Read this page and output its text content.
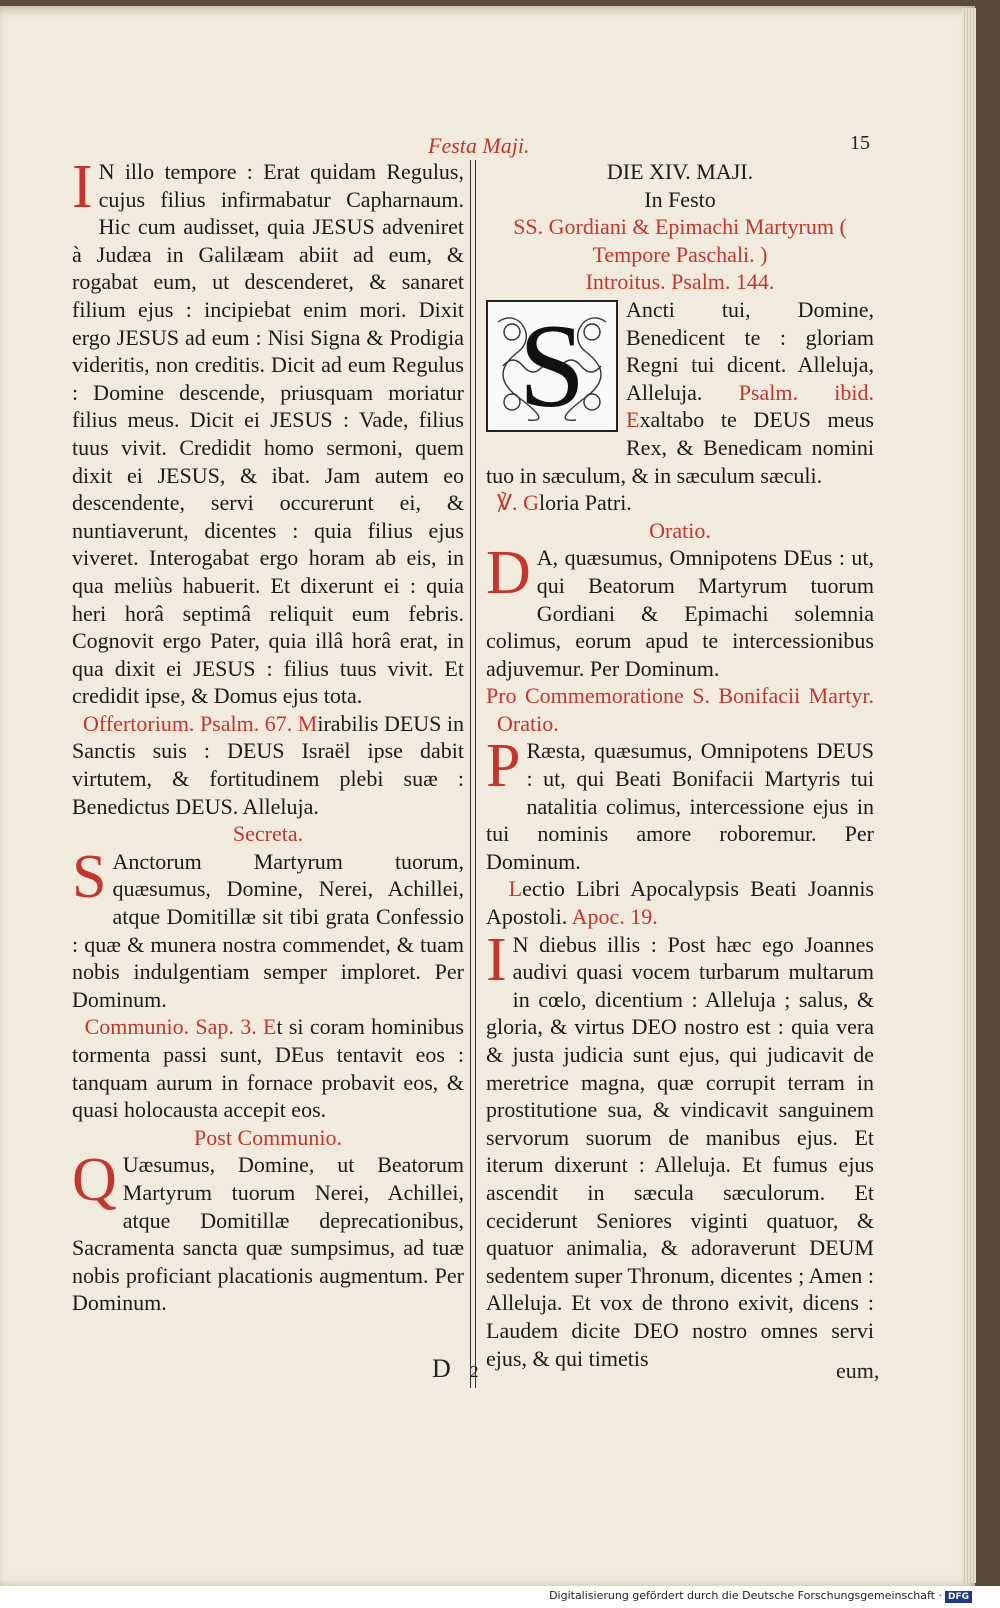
Festa Maji.	15

I N illo tempore : Erat quidam Regulus, cujus filius infirmabatur Capharnaum. Hic cum audisset, quia JESUS adveniret à Judæa in Galilæam abiit ad eum, & rogabat eum, ut descenderet, & sanaret filium ejus : incipiebat enim mori. Dixit ergo JESUS ad eum : Nisi Signa & Prodigia videritis, non creditis. Dicit ad eum Regulus : Domine descende, priusquam moriatur filius meus. Dicit ei JESUS : Vade, filius tuus vivit. Credidit homo sermoni, quem dixit ei JESUS, & ibat. Jam autem eo descendente, servi occurerunt ei, & nuntiaverunt, dicentes : quia filius ejus viveret. Interogabat ergo horam ab eis, in qua meliùs habuerit. Et dixerunt ei : quia heri horâ septimâ reliquit eum febris. Cognovit ergo Pater, quia illâ horâ erat, in qua dixit ei JESUS : filius tuus vivit. Et credidit ipse, & Domus ejus tota.

Offertorium. Psalm. 67. Mirabilis DEUS in Sanctis suis : DEUS Israël ipse dabit virtutem, & fortitudinem plebi suæ : Benedictus DEUS. Alleluja.

Secreta.

S Anctorum Martyrum tuorum, quæsumus, Domine, Nerei, Achillei, atque Domitillæ sit tibi grata Confessio : quæ & munera nostra commendet, & tuam nobis indulgentiam semper imploret. Per Dominum.

Communio. Sap. 3. Et si coram hominibus tormenta passi sunt, DEus tentavit eos : tanquam aurum in fornace probavit eos, & quasi holocausta accepit eos.

Post Communio.

Q Uæsumus, Domine, ut Beatorum Martyrum tuorum Nerei, Achillei, atque Domitillæ deprecationibus, Sacramenta sancta quæ sumpsimus, ad tuæ nobis proficiant placationis augmentum. Per Dominum.

DIE XIV. MAJI.

In Festo

SS. Gordiani & Epimachi Martyrum ( Tempore Paschali. )

Introitus. Psalm. 144.

S	Ancti tui, Domine, Benedicent te : gloriam Regni tui dicent. Alleluja, Alleluja. Psalm. ibid. Exaltabo te DEUS meus Rex, & Benedicam nomini tuo in sæculum, & in sæculum sæculi.

℣. Gloria Patri.

Oratio.

D A, quæsumus, Omnipotens DEus : ut, qui Beatorum Martyrum tuorum Gordiani & Epimachi solemnia colimus, eorum apud te intercessionibus adjuvemur. Per Dominum.

Pro Commemoratione S. Bonifacii Martyr.   Oratio.

P Ræsta, quæsumus, Omnipotens DEUS : ut, qui Beati Bonifacii Martyris tui natalitia colimus, intercessione ejus in tui nominis amore roboremur. Per Dominum.

Lectio Libri Apocalypsis Beati Joannis Apostoli. Apoc. 19.

I N diebus illis : Post hæc ego Joannes audivi quasi vocem turbarum multarum in cœlo, dicentium : Alleluja ; salus, & gloria, & virtus DEO nostro est : quia vera & justa judicia sunt ejus, qui judicavit de meretrice magna, quæ corrupit terram in prostitutione sua, & vindicavit sanguinem servorum suorum de manibus ejus. Et iterum dixerunt : Alleluja. Et fumus ejus ascendit in sæcula sæculorum. Et ceciderunt Seniores viginti quatuor, & quatuor animalia, & adoraverunt DEUM sedentem super Thronum, dicentes ; Amen : Alleluja. Et vox de throno exivit, dicens : Laudem dicite DEO nostro omnes servi ejus, & qui timetis

D 2	eum,
Digitalisierung gefördert durch die Deutsche Forschungsgemeinschaft · DFG
